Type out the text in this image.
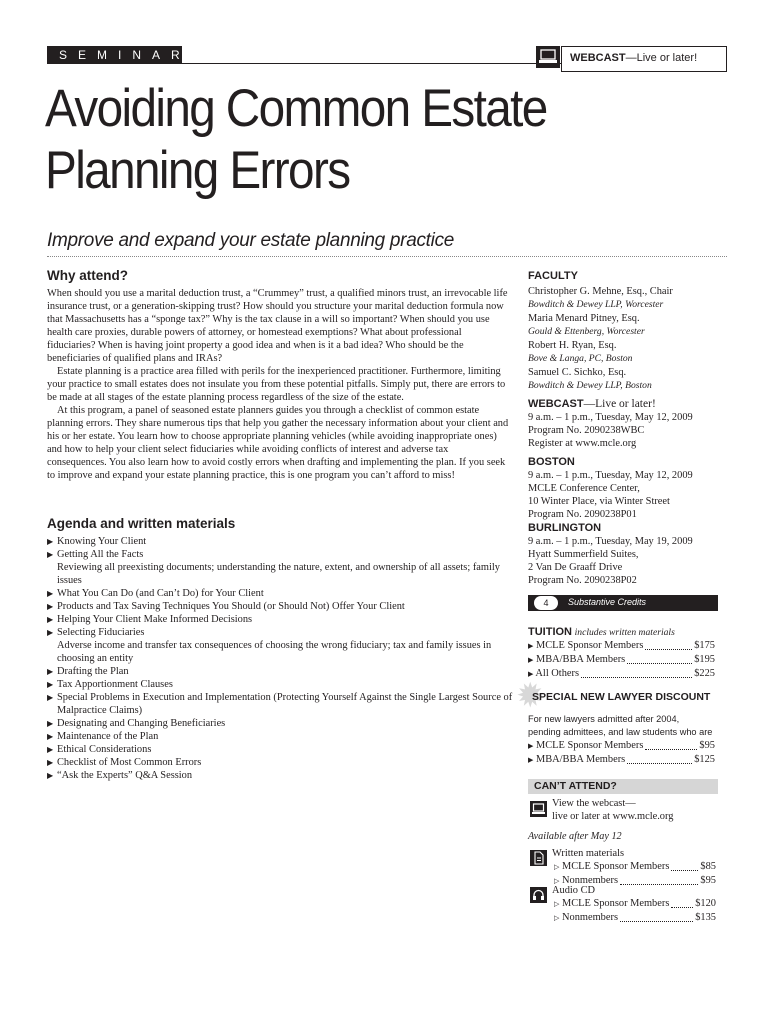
SEMINAR	WEBCAST—Live or later!
Avoiding Common Estate
Planning Errors
Improve and expand your estate planning practice
Why attend?

When should you use a marital deduction trust, a “Crummey” trust, a qualified minors trust, an irrevocable life insurance trust, or a generation-skipping trust? How should you structure your marital deduction formula now that Massachusetts has a “sponge tax?” Why is the tax clause in a will so important? When should you use health care proxies, durable powers of attorney, or homestead exemptions? What about professional fiduciaries? When is having joint property a good idea and when is it a bad idea? Who should be the beneficiaries of qualified plans and IRAs?

Estate planning is a practice area filled with perils for the inexperienced practitioner. Furthermore, limiting your practice to small estates does not insulate you from these potential pitfalls. Simply put, there are errors to be made at all stages of the estate planning process regardless of the size of the estate.

At this program, a panel of seasoned estate planners guides you through a checklist of common estate planning errors. They share numerous tips that help you gather the necessary information about your client and his or her estate. You learn how to choose appropriate planning vehicles (while avoiding inappropriate ones) and how to help your client select fiduciaries while avoiding conflicts of interest and adverse tax consequences. You also learn how to avoid costly errors when drafting and implementing the plan. If you seek to improve and expand your estate planning practice, this is one program you can’t afford to miss!

Agenda and written materials
▶ Knowing Your Client
▶ Getting All the Facts
Reviewing all preexisting documents; understanding the nature, extent, and ownership of all assets; family issues
▶ What You Can Do (and Can’t Do) for Your Client
▶ Products and Tax Saving Techniques You Should (or Should Not) Offer Your Client
▶ Helping Your Client Make Informed Decisions
▶ Selecting Fiduciaries
Adverse income and transfer tax consequences of choosing the wrong fiduciary; tax and family issues in choosing an entity
▶ Drafting the Plan
▶ Tax Apportionment Clauses
▶ Special Problems in Execution and Implementation (Protecting Yourself Against the Single Largest Source of Malpractice Claims)
▶ Designating and Changing Beneficiaries
▶ Maintenance of the Plan
▶ Ethical Considerations
▶ Checklist of Most Common Errors
▶ “Ask the Experts” Q&A Session
FACULTY
Christopher G. Mehne, Esq., Chair
Bowditch & Dewey LLP, Worcester
Maria Menard Pitney, Esq.
Gould & Ettenberg, Worcester
Robert H. Ryan, Esq.
Bove & Langa, PC, Boston
Samuel C. Sichko, Esq.
Bowditch & Dewey LLP, Boston
WEBCAST—Live or later!
9 a.m. – 1 p.m., Tuesday, May 12, 2009
Program No. 2090238WBC
Register at www.mcle.org
BOSTON
9 a.m. – 1 p.m., Tuesday, May 12, 2009
MCLE Conference Center,
10 Winter Place, via Winter Street
Program No. 2090238P01
BURLINGTON
9 a.m. – 1 p.m., Tuesday, May 19, 2009
Hyatt Summerfield Suites,
2 Van De Graaff Drive
Program No. 2090238P02
4	Substantive Credits
TUITION includes written materials
▶ MCLE Sponsor Members	$175
▶ MBA/BBA Members	$195
▶ All Others	$225
✹
SPECIAL NEW LAWYER DISCOUNT
For new lawyers admitted after 2004,
pending admittees, and law students who are
▶ MCLE Sponsor Members	$95
▶ MBA/BBA Members	$125
CAN’T ATTEND?
View the webcast—
live or later at www.mcle.org
Available after May 12
Written materials
▷ MCLE Sponsor Members	$85
▷ Nonmembers	$95
Audio CD
▷ MCLE Sponsor Members $120
▷ Nonmembers	$135
